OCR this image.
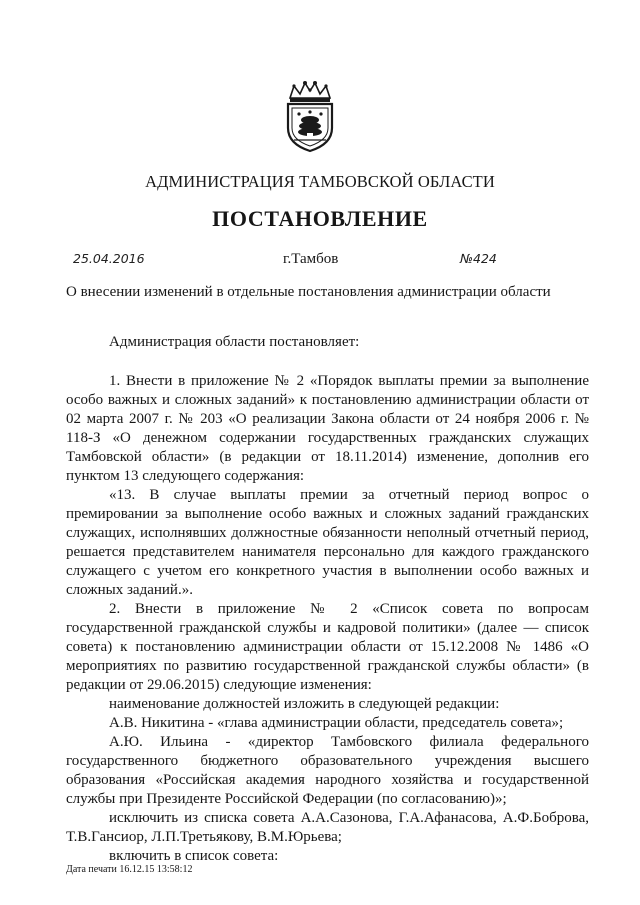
АДМИНИСТРАЦИЯ ТАМБОВСКОЙ ОБЛАСТИ
ПОСТАНОВЛЕНИЕ
25.04.2016	г.Тамбов	№424
О внесении изменений в отдельные постановления администрации области

Администрация области постановляет:

1. Внести в приложение № 2 «Порядок выплаты премии за выполнение особо важных и сложных заданий» к постановлению администрации области от 02 марта 2007 г. № 203 «О реализации Закона области от 24 ноября 2006 г. № 118-З «О денежном содержании государственных гражданских служащих Тамбовской области» (в редакции от 18.11.2014) изменение, дополнив его пунктом 13 следующего содержания:

«13. В случае выплаты премии за отчетный период вопрос о премировании за выполнение особо важных и сложных заданий гражданских служащих, исполнявших должностные обязанности неполный отчетный период, решается представителем нанимателя персонально для каждого гражданского служащего с учетом его конкретного участия в выполнении особо важных и сложных заданий.».

2. Внести в приложение № 2 «Список совета по вопросам государственной гражданской службы и кадровой политики» (далее — список совета) к постановлению администрации области от 15.12.2008 № 1486 «О мероприятиях по развитию государственной гражданской службы области» (в редакции от 29.06.2015) следующие изменения:

наименование должностей изложить в следующей редакции:

А.В. Никитина - «глава администрации области, председатель совета»;

А.Ю. Ильина - «директор Тамбовского филиала федерального государственного бюджетного образовательного учреждения высшего образования «Российская академия народного хозяйства и государственной службы при Президенте Российской Федерации (по согласованию)»;

исключить из списка совета А.А.Сазонова, Г.А.Афанасова, А.Ф.Боброва, Т.В.Гансиор, Л.П.Третьякову, В.М.Юрьева;

включить в список совета:

Дата печати 16.12.15 13:58:12
